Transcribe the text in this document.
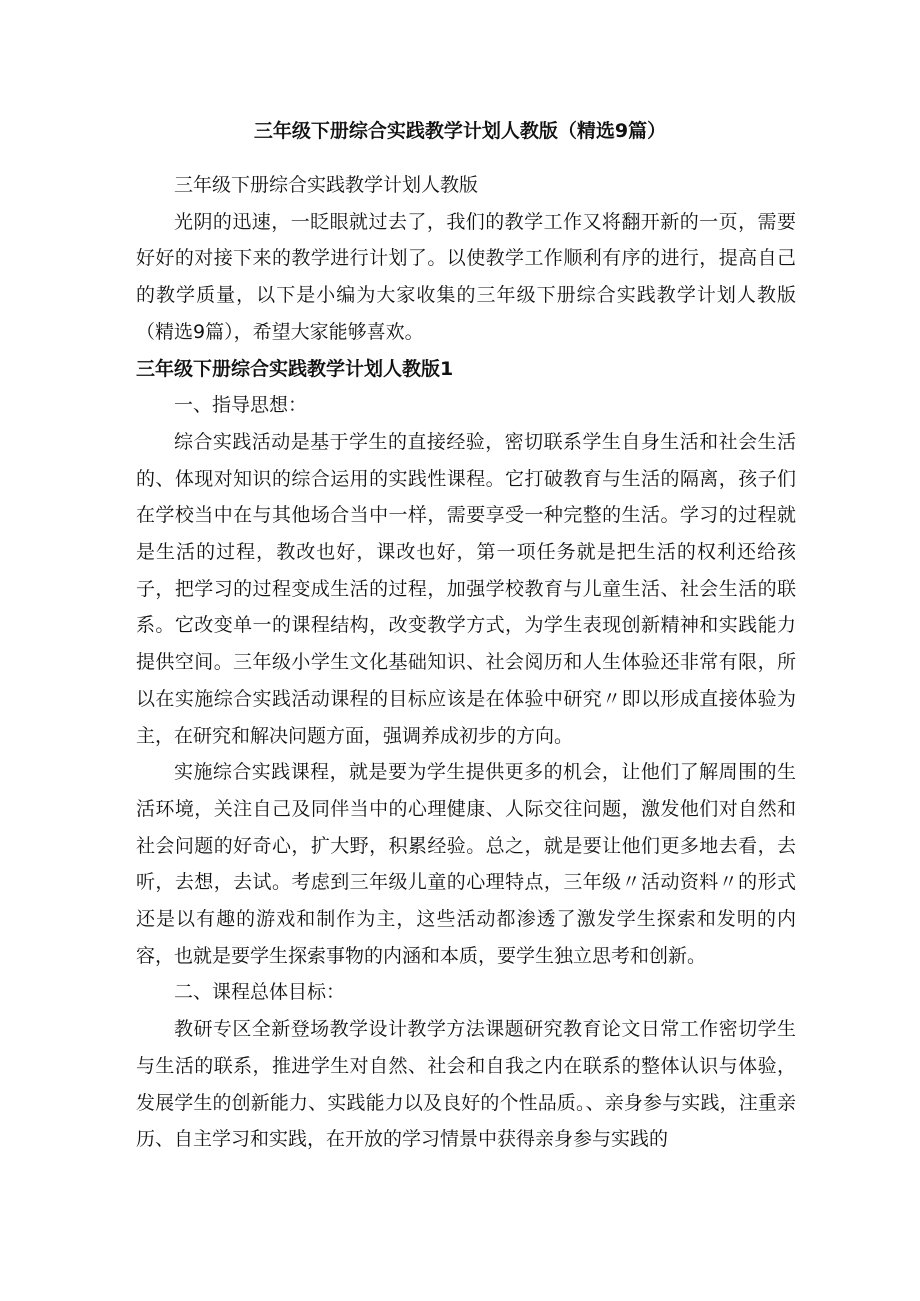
三年级下册综合实践教学计划人教版（精选9篇）

三年级下册综合实践教学计划人教版

光阴的迅速，一眨眼就过去了，我们的教学工作又将翻开新的一页，需要好好的对接下来的教学进行计划了。以使教学工作顺利有序的进行，提高自己的教学质量，以下是小编为大家收集的三年级下册综合实践教学计划人教版（精选9篇），希望大家能够喜欢。

三年级下册综合实践教学计划人教版1

一、指导思想：

综合实践活动是基于学生的直接经验，密切联系学生自身生活和社会生活的、体现对知识的综合运用的实践性课程。它打破教育与生活的隔离，孩子们在学校当中在与其他场合当中一样，需要享受一种完整的生活。学习的过程就是生活的过程，教改也好，课改也好，第一项任务就是把生活的权利还给孩子，把学习的过程变成生活的过程，加强学校教育与儿童生活、社会生活的联系。它改变单一的课程结构，改变教学方式，为学生表现创新精神和实践能力提供空间。三年级小学生文化基础知识、社会阅历和人生体验还非常有限，所以在实施综合实践活动课程的目标应该是在体验中研究〃即以形成直接体验为主，在研究和解决问题方面，强调养成初步的方向。

实施综合实践课程，就是要为学生提供更多的机会，让他们了解周围的生活环境，关注自己及同伴当中的心理健康、人际交往问题，激发他们对自然和社会问题的好奇心，扩大野，积累经验。总之，就是要让他们更多地去看，去听，去想，去试。考虑到三年级儿童的心理特点，三年级〃活动资料〃的形式还是以有趣的游戏和制作为主，这些活动都渗透了激发学生探索和发明的内容，也就是要学生探索事物的内涵和本质，要学生独立思考和创新。

二、课程总体目标：

教研专区全新登场教学设计教学方法课题研究教育论文日常工作密切学生与生活的联系，推进学生对自然、社会和自我之内在联系的整体认识与体验，发展学生的创新能力、实践能力以及良好的个性品质。、亲身参与实践，注重亲历、自主学习和实践，在开放的学习情景中获得亲身参与实践的
